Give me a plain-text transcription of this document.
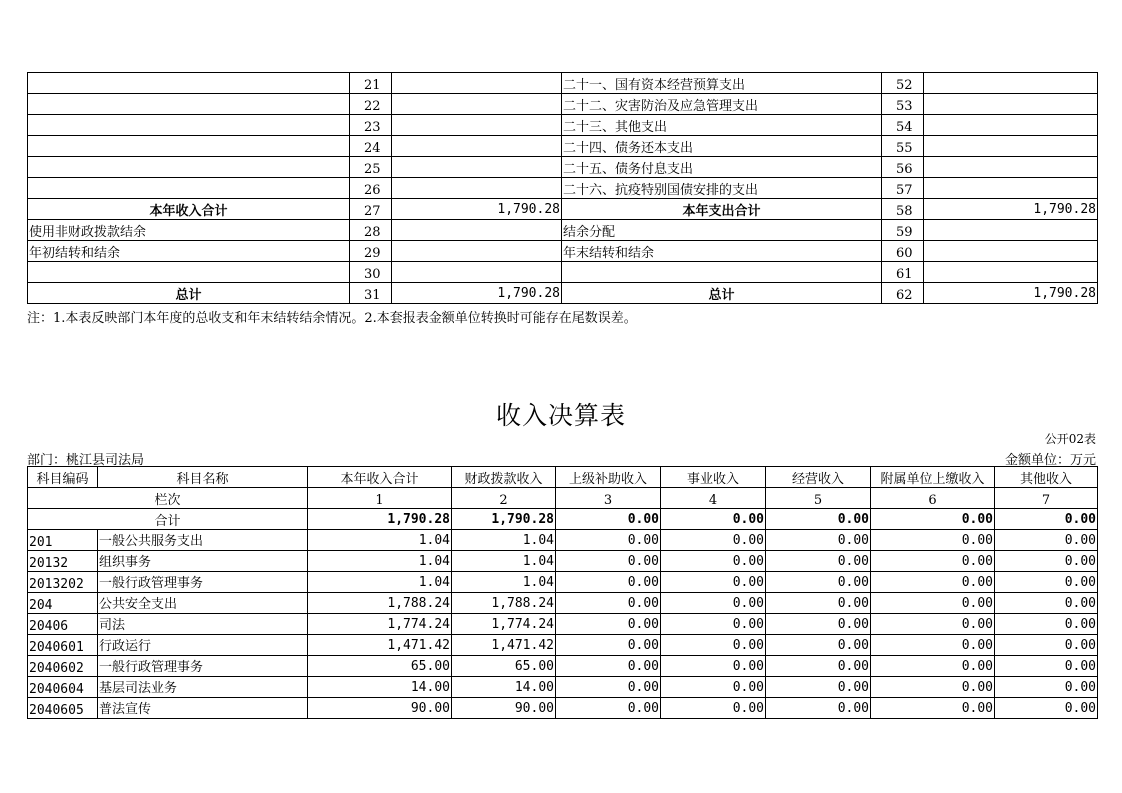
	21		二十一、国有资本经营预算支出	52	
	22		二十二、灾害防治及应急管理支出	53	
	23		二十三、其他支出	54	
	24		二十四、债务还本支出	55	
	25		二十五、债务付息支出	56	
	26		二十六、抗疫特别国债安排的支出	57	
本年收入合计	27	1,790.28	本年支出合计	58	1,790.28
使用非财政拨款结余	28		结余分配	59	
年初结转和结余	29		年末结转和结余	60	
	30			61	
总计	31	1,790.28	总计	62	1,790.28
注：1.本表反映部门本年度的总收支和年末结转结余情况。2.本套报表金额单位转换时可能存在尾数误差。
收入决算表
公开02表
部门：桃江县司法局	金额单位：万元
科目编码	科目名称	本年收入合计	财政拨款收入	上级补助收入	事业收入	经营收入	附属单位上缴收入	其他收入
栏次		1	2	3	4	5	6	7
合计		1,790.28	1,790.28	0.00	0.00	0.00	0.00	0.00
201	一般公共服务支出	1.04	1.04	0.00	0.00	0.00	0.00	0.00
20132	组织事务	1.04	1.04	0.00	0.00	0.00	0.00	0.00
2013202	一般行政管理事务	1.04	1.04	0.00	0.00	0.00	0.00	0.00
204	公共安全支出	1,788.24	1,788.24	0.00	0.00	0.00	0.00	0.00
20406	司法	1,774.24	1,774.24	0.00	0.00	0.00	0.00	0.00
2040601	行政运行	1,471.42	1,471.42	0.00	0.00	0.00	0.00	0.00
2040602	一般行政管理事务	65.00	65.00	0.00	0.00	0.00	0.00	0.00
2040604	基层司法业务	14.00	14.00	0.00	0.00	0.00	0.00	0.00
2040605	普法宣传	90.00	90.00	0.00	0.00	0.00	0.00	0.00
